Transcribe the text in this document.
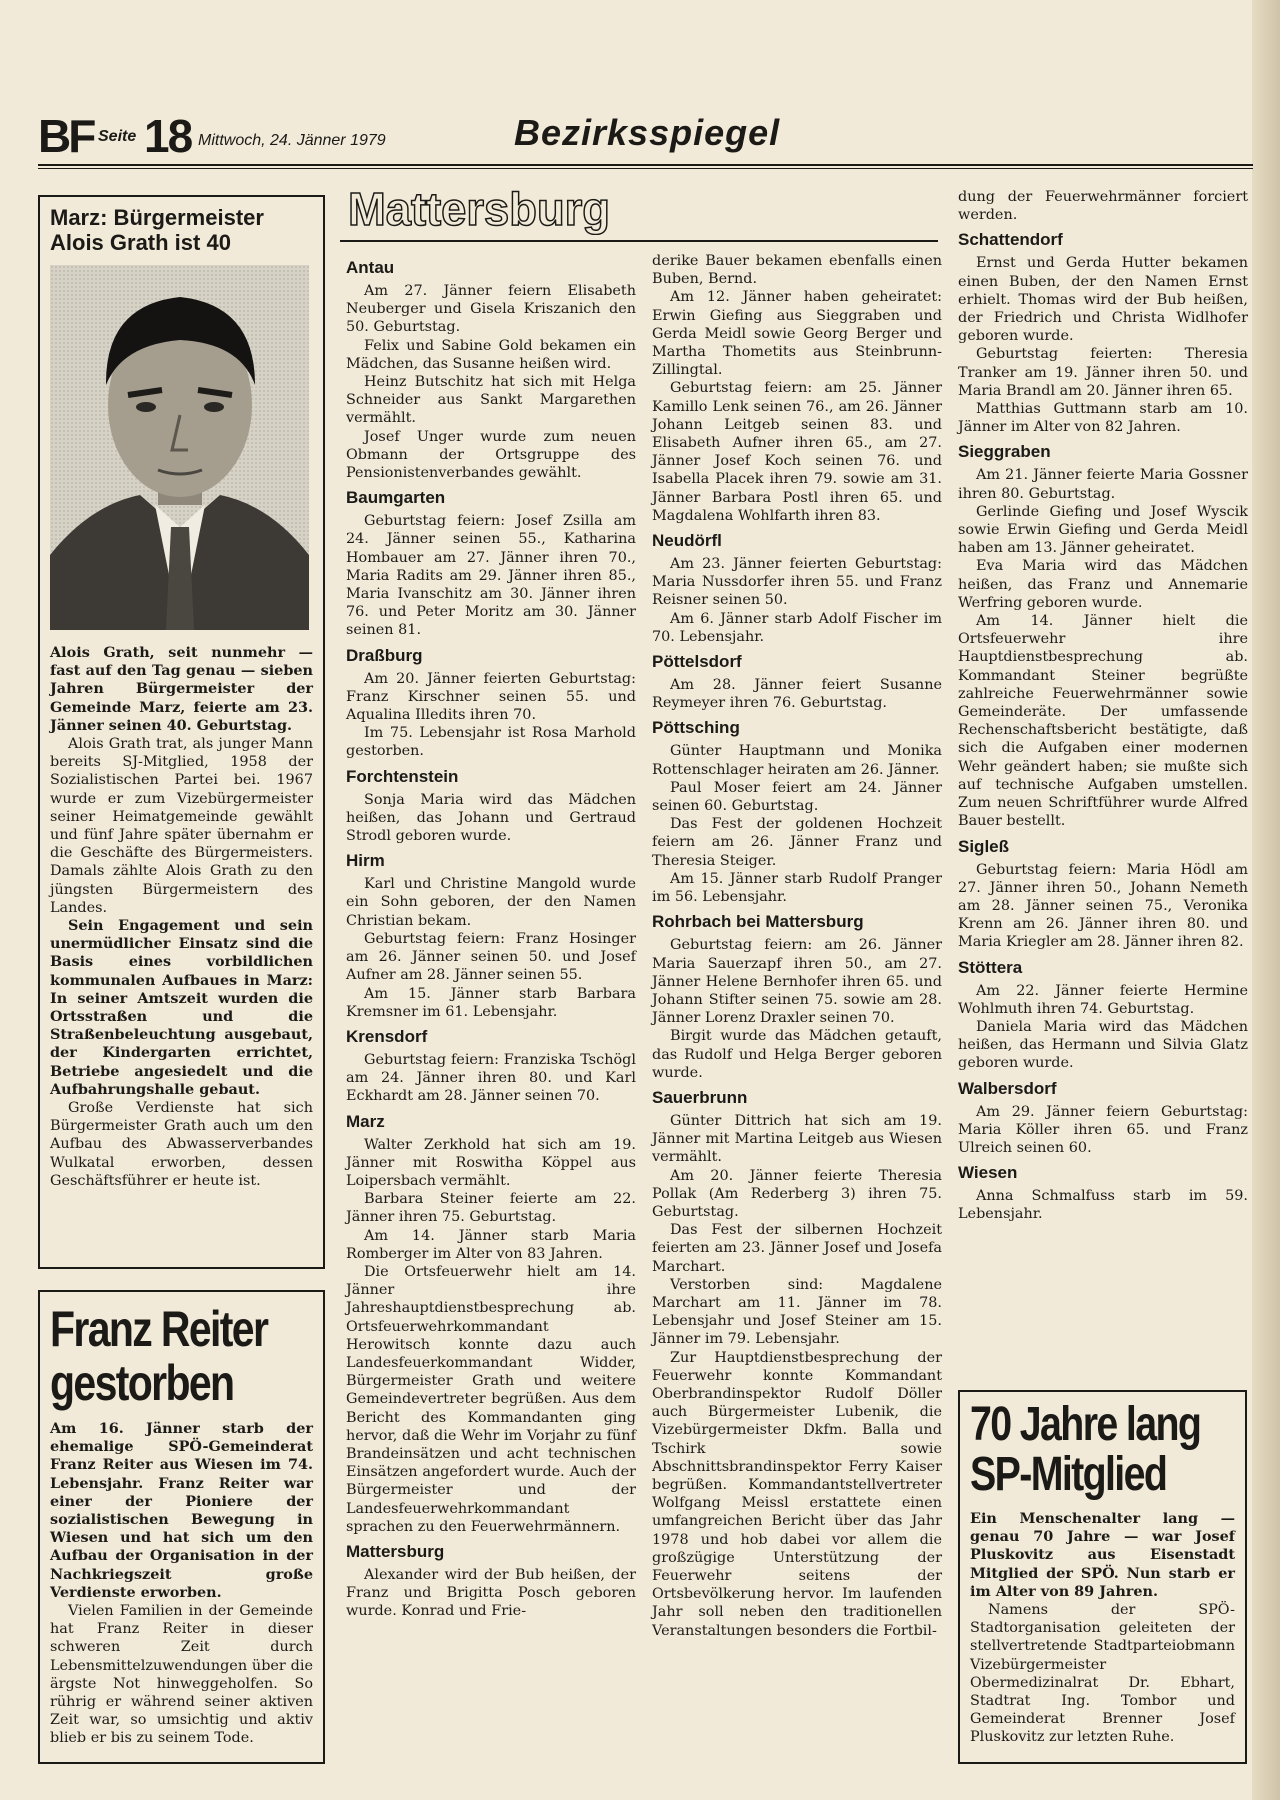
BF Seite 18 Mittwoch, 24. Jänner 1979	Bezirksspiegel
Marz: Bürgermeister Alois Grath ist 40

Alois Grath, seit nunmehr — fast auf den Tag genau — sieben Jahren Bürgermeister der Gemeinde Marz, feierte am 23. Jänner seinen 40. Geburtstag.

Alois Grath trat, als junger Mann bereits SJ-Mitglied, 1958 der Sozialistischen Partei bei. 1967 wurde er zum Vizebürgermeister seiner Heimatgemeinde gewählt und fünf Jahre später übernahm er die Geschäfte des Bürgermeisters. Damals zählte Alois Grath zu den jüngsten Bürgermeistern des Landes.

Sein Engagement und sein unermüdlicher Einsatz sind die Basis eines vorbildlichen kommunalen Aufbaues in Marz: In seiner Amtszeit wurden die Ortsstraßen und die Straßenbeleuchtung ausgebaut, der Kindergarten errichtet, Betriebe angesiedelt und die Aufbahrungshalle gebaut.

Große Verdienste hat sich Bürgermeister Grath auch um den Aufbau des Abwasserverbandes Wulkatal erworben, dessen Geschäftsführer er heute ist.

Franz Reiter
gestorben

Am 16. Jänner starb der ehemalige SPÖ-Gemeinderat Franz Reiter aus Wiesen im 74. Lebensjahr. Franz Reiter war einer der Pioniere der sozialistischen Bewegung in Wiesen und hat sich um den Aufbau der Organisation in der Nachkriegszeit große Verdienste erworben.

Vielen Familien in der Gemeinde hat Franz Reiter in dieser schweren Zeit durch Lebensmittelzuwendungen über die ärgste Not hinweggeholfen. So rührig er während seiner aktiven Zeit war, so umsichtig und aktiv blieb er bis zu seinem Tode.

Mattersburg
Antau

Am 27. Jänner feiern Elisabeth Neuberger und Gisela Kriszanich den 50. Geburtstag.

Felix und Sabine Gold bekamen ein Mädchen, das Susanne heißen wird.

Heinz Butschitz hat sich mit Helga Schneider aus Sankt Margarethen vermählt.

Josef Unger wurde zum neuen Obmann der Ortsgruppe des Pensionistenverbandes gewählt.

Baumgarten

Geburtstag feiern: Josef Zsilla am 24. Jänner seinen 55., Katharina Hombauer am 27. Jänner ihren 70., Maria Radits am 29. Jänner ihren 85., Maria Ivanschitz am 30. Jänner ihren 76. und Peter Moritz am 30. Jänner seinen 81.

Draßburg

Am 20. Jänner feierten Geburtstag: Franz Kirschner seinen 55. und Aqualina Illedits ihren 70.

Im 75. Lebensjahr ist Rosa Marhold gestorben.

Forchtenstein

Sonja Maria wird das Mädchen heißen, das Johann und Gertraud Strodl geboren wurde.

Hirm

Karl und Christine Mangold wurde ein Sohn geboren, der den Namen Christian bekam.

Geburtstag feiern: Franz Hosinger am 26. Jänner seinen 50. und Josef Aufner am 28. Jänner seinen 55.

Am 15. Jänner starb Barbara Kremsner im 61. Lebensjahr.

Krensdorf

Geburtstag feiern: Franziska Tschögl am 24. Jänner ihren 80. und Karl Eckhardt am 28. Jänner seinen 70.

Marz

Walter Zerkhold hat sich am 19. Jänner mit Roswitha Köppel aus Loipersbach vermählt.

Barbara Steiner feierte am 22. Jänner ihren 75. Geburtstag.

Am 14. Jänner starb Maria Romberger im Alter von 83 Jahren.

Die Ortsfeuerwehr hielt am 14. Jänner ihre Jahreshauptdienstbesprechung ab. Ortsfeuerwehrkommandant Herowitsch konnte dazu auch Landesfeuerkommandant Widder, Bürgermeister Grath und weitere Gemeindevertreter begrüßen. Aus dem Bericht des Kommandanten ging hervor, daß die Wehr im Vorjahr zu fünf Brandeinsätzen und acht technischen Einsätzen angefordert wurde. Auch der Bürgermeister und der Landesfeuerwehrkommandant sprachen zu den Feuerwehrmännern.

Mattersburg

Alexander wird der Bub heißen, der Franz und Brigitta Posch geboren wurde. Konrad und Frie-

derike Bauer bekamen ebenfalls einen Buben, Bernd.

Am 12. Jänner haben geheiratet: Erwin Giefing aus Sieggraben und Gerda Meidl sowie Georg Berger und Martha Thometits aus Steinbrunn-Zillingtal.

Geburtstag feiern: am 25. Jänner Kamillo Lenk seinen 76., am 26. Jänner Johann Leitgeb seinen 83. und Elisabeth Aufner ihren 65., am 27. Jänner Josef Koch seinen 76. und Isabella Placek ihren 79. sowie am 31. Jänner Barbara Postl ihren 65. und Magdalena Wohlfarth ihren 83.

Neudörfl

Am 23. Jänner feierten Geburtstag: Maria Nussdorfer ihren 55. und Franz Reisner seinen 50.

Am 6. Jänner starb Adolf Fischer im 70. Lebensjahr.

Pöttelsdorf

Am 28. Jänner feiert Susanne Reymeyer ihren 76. Geburtstag.

Pöttsching

Günter Hauptmann und Monika Rottenschlager heiraten am 26. Jänner.

Paul Moser feiert am 24. Jänner seinen 60. Geburtstag.

Das Fest der goldenen Hochzeit feiern am 26. Jänner Franz und Theresia Steiger.

Am 15. Jänner starb Rudolf Pranger im 56. Lebensjahr.

Rohrbach bei Mattersburg

Geburtstag feiern: am 26. Jänner Maria Sauerzapf ihren 50., am 27. Jänner Helene Bernhofer ihren 65. und Johann Stifter seinen 75. sowie am 28. Jänner Lorenz Draxler seinen 70.

Birgit wurde das Mädchen getauft, das Rudolf und Helga Berger geboren wurde.

Sauerbrunn

Günter Dittrich hat sich am 19. Jänner mit Martina Leitgeb aus Wiesen vermählt.

Am 20. Jänner feierte Theresia Pollak (Am Rederberg 3) ihren 75. Geburtstag.

Das Fest der silbernen Hochzeit feierten am 23. Jänner Josef und Josefa Marchart.

Verstorben sind: Magdalene Marchart am 11. Jänner im 78. Lebensjahr und Josef Steiner am 15. Jänner im 79. Lebensjahr.

Zur Hauptdienstbesprechung der Feuerwehr konnte Kommandant Oberbrandinspektor Rudolf Döller auch Bürgermeister Lubenik, die Vizebürgermeister Dkfm. Balla und Tschirk sowie Abschnittsbrandinspektor Ferry Kaiser begrüßen. Kommandantstellvertreter Wolfgang Meissl erstattete einen umfangreichen Bericht über das Jahr 1978 und hob dabei vor allem die großzügige Unterstützung der Feuerwehr seitens der Ortsbevölkerung hervor. Im laufenden Jahr soll neben den traditionellen Veranstaltungen besonders die Fortbil-

dung der Feuerwehrmänner forciert werden.

Schattendorf

Ernst und Gerda Hutter bekamen einen Buben, der den Namen Ernst erhielt. Thomas wird der Bub heißen, der Friedrich und Christa Widlhofer geboren wurde.

Geburtstag feierten: Theresia Tranker am 19. Jänner ihren 50. und Maria Brandl am 20. Jänner ihren 65.

Matthias Guttmann starb am 10. Jänner im Alter von 82 Jahren.

Sieggraben

Am 21. Jänner feierte Maria Gossner ihren 80. Geburtstag.

Gerlinde Giefing und Josef Wyscik sowie Erwin Giefing und Gerda Meidl haben am 13. Jänner geheiratet.

Eva Maria wird das Mädchen heißen, das Franz und Annemarie Werfring geboren wurde.

Am 14. Jänner hielt die Ortsfeuerwehr ihre Hauptdienstbesprechung ab. Kommandant Steiner begrüßte zahlreiche Feuerwehrmänner sowie Gemeinderäte. Der umfassende Rechenschaftsbericht bestätigte, daß sich die Aufgaben einer modernen Wehr geändert haben; sie mußte sich auf technische Aufgaben umstellen. Zum neuen Schriftführer wurde Alfred Bauer bestellt.

Sigleß

Geburtstag feiern: Maria Hödl am 27. Jänner ihren 50., Johann Nemeth am 28. Jänner seinen 75., Veronika Krenn am 26. Jänner ihren 80. und Maria Kriegler am 28. Jänner ihren 82.

Stöttera

Am 22. Jänner feierte Hermine Wohlmuth ihren 74. Geburtstag.

Daniela Maria wird das Mädchen heißen, das Hermann und Silvia Glatz geboren wurde.

Walbersdorf

Am 29. Jänner feiern Geburtstag: Maria Köller ihren 65. und Franz Ulreich seinen 60.

Wiesen

Anna Schmalfuss starb im 59. Lebensjahr.

70 Jahre lang
SP-Mitglied

Ein Menschenalter lang — genau 70 Jahre — war Josef Pluskovitz aus Eisenstadt Mitglied der SPÖ. Nun starb er im Alter von 89 Jahren.

Namens der SPÖ-Stadtorganisation geleiteten der stellvertretende Stadtparteiobmann Vizebürgermeister Obermedizinalrat Dr. Ebhart, Stadtrat Ing. Tombor und Gemeinderat Brenner Josef Pluskovitz zur letzten Ruhe.
